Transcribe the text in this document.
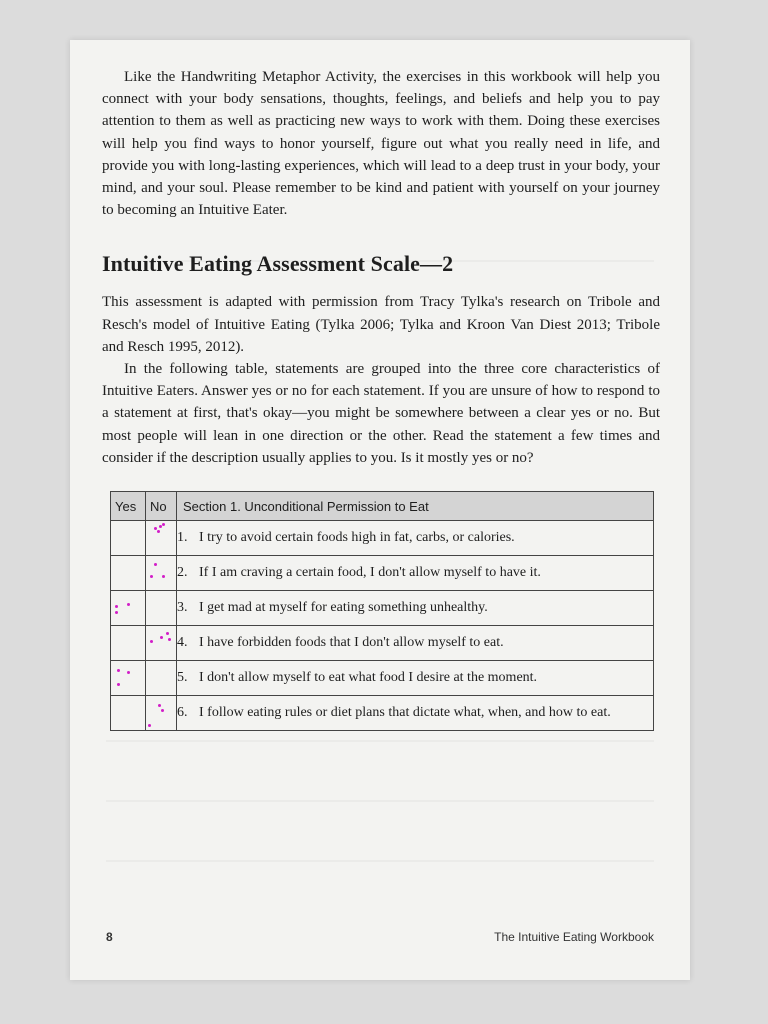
Like the Handwriting Metaphor Activity, the exercises in this workbook will help you connect with your body sensations, thoughts, feelings, and beliefs and help you to pay attention to them as well as practicing new ways to work with them. Doing these exercises will help you find ways to honor yourself, figure out what you really need in life, and provide you with long-lasting experiences, which will lead to a deep trust in your body, your mind, and your soul. Please remember to be kind and patient with yourself on your journey to becoming an Intuitive Eater.

Intuitive Eating Assessment Scale—2

This assessment is adapted with permission from Tracy Tylka's research on Tribole and Resch's model of Intuitive Eating (Tylka 2006; Tylka and Kroon Van Diest 2013; Tribole and Resch 1995, 2012).

In the following table, statements are grouped into the three core characteristics of Intuitive Eaters. Answer yes or no for each statement. If you are unsure of how to respond to a statement at first, that's okay—you might be somewhere between a clear yes or no. But most people will lean in one direction or the other. Read the statement a few times and consider if the description usually applies to you. Is it mostly yes or no?

Yes	No	Section 1. Unconditional Permission to Eat

	1. I try to avoid certain foods high in fat, carbs, or calories.

	2. If I am craving a certain food, I don't allow myself to have it.

		3. I get mad at myself for eating something unhealthy.

	4. I have forbidden foods that I don't allow myself to eat.

		5. I don't allow myself to eat what food I desire at the moment.

	6. I follow eating rules or diet plans that dictate what, when, and how to eat.
8	The Intuitive Eating Workbook
